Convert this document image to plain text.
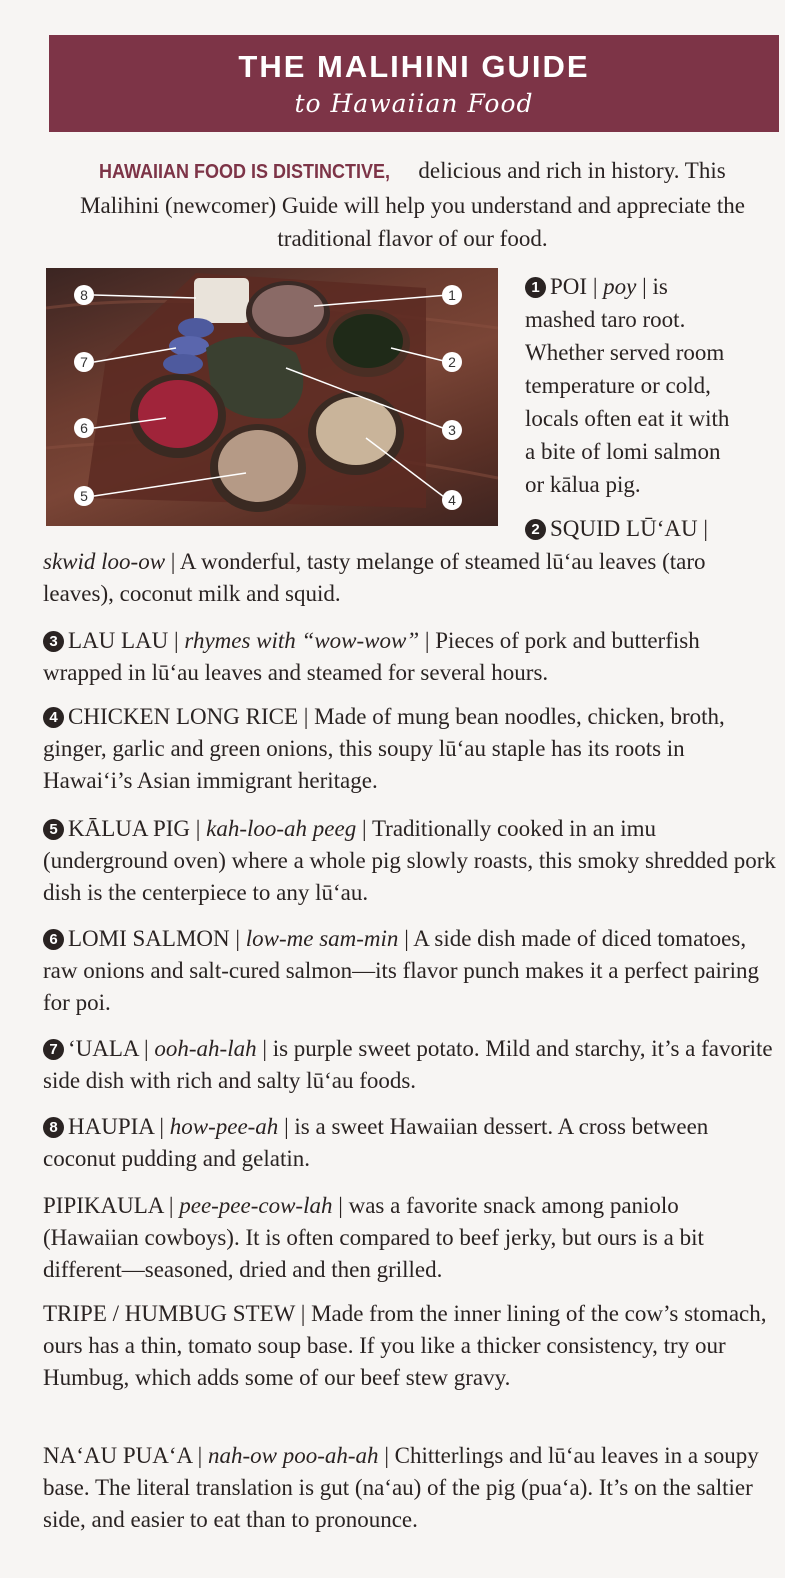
THE MALIHINI GUIDE
to Hawaiian Food
HAWAIIAN FOOD IS DISTINCTIVE, delicious and rich in history. This Malihini (newcomer) Guide will help you understand and appreciate the traditional flavor of our food.
8	1
7	2
6	3
5	4
1 POI | poy | is
mashed taro root.
Whether served room
temperature or cold,
locals often eat it with
a bite of lomi salmon
or kālua pig.
2 SQUID LŪʻAU |
skwid loo-ow | A wonderful, tasty melange of steamed lūʻau leaves (taro leaves), coconut milk and squid.
3 LAU LAU | rhymes with “wow-wow” | Pieces of pork and butterfish wrapped in lūʻau leaves and steamed for several hours.
4 CHICKEN LONG RICE | Made of mung bean noodles, chicken, broth, ginger, garlic and green onions, this soupy lūʻau staple has its roots in Hawaiʻi’s Asian immigrant heritage.
5 KĀLUA PIG | kah-loo-ah peeg | Traditionally cooked in an imu (underground oven) where a whole pig slowly roasts, this smoky shredded pork dish is the centerpiece to any lūʻau.
6 LOMI SALMON | low-me sam-min | A side dish made of diced tomatoes, raw onions and salt-cured salmon—its flavor punch makes it a perfect pairing for poi.
7 ʻUALA | ooh-ah-lah | is purple sweet potato. Mild and starchy, it’s a favorite side dish with rich and salty lūʻau foods.
8 HAUPIA | how-pee-ah | is a sweet Hawaiian dessert. A cross between coconut pudding and gelatin.
PIPIKAULA | pee-pee-cow-lah | was a favorite snack among paniolo (Hawaiian cowboys). It is often compared to beef jerky, but ours is a bit different—seasoned, dried and then grilled.
TRIPE / HUMBUG STEW | Made from the inner lining of the cow’s stomach, ours has a thin, tomato soup base. If you like a thicker consistency, try our Humbug, which adds some of our beef stew gravy.
NAʻAU PUAʻA | nah-ow poo-ah-ah | Chitterlings and lūʻau leaves in a soupy base. The literal translation is gut (naʻau) of the pig (puaʻa). It’s on the saltier side, and easier to eat than to pronounce.
